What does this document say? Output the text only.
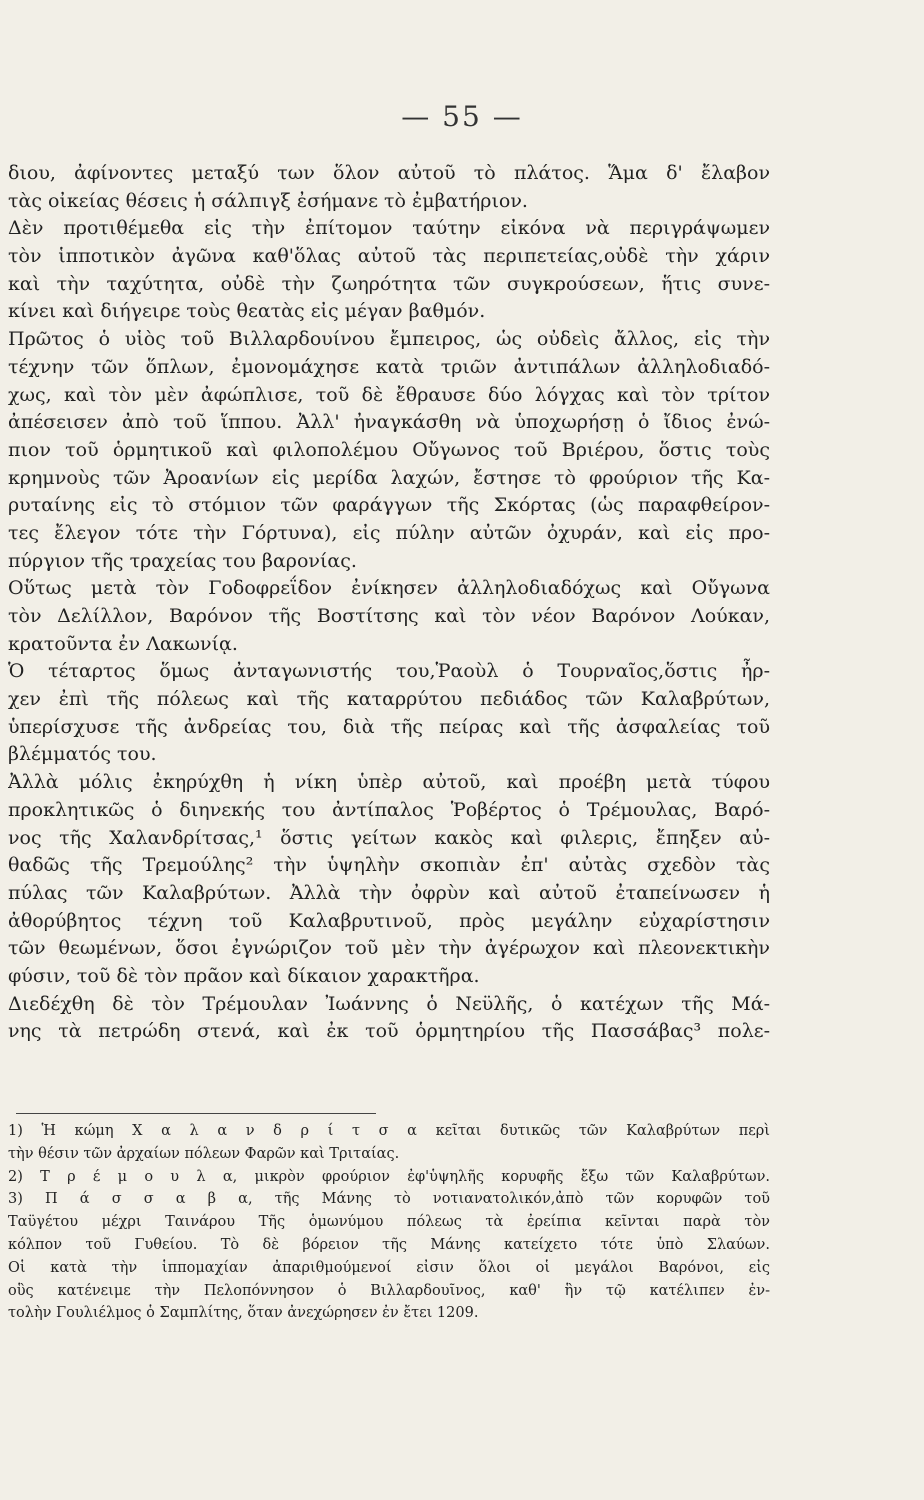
— 55 —
διου, ἀφίνοντες μεταξύ των ὅλον αὐτοῦ τὸ πλάτος. Ἅμα δ' ἔλαβον
τὰς οἰκείας θέσεις ἡ σάλπιγξ ἐσήμανε τὸ ἐμβατήριον.
Δὲν προτιθέμεθα εἰς τὴν ἐπίτομον ταύτην εἰκόνα νὰ περιγράψωμεν
τὸν ἱπποτικὸν ἀγῶνα καθ'ὅλας αὐτοῦ τὰς περιπετείας,οὐδὲ τὴν χάριν
καὶ τὴν ταχύτητα, οὐδὲ τὴν ζωηρότητα τῶν συγκρούσεων, ἥτις συνε-
κίνει καὶ διήγειρε τοὺς θεατὰς εἰς μέγαν βαθμόν.
Πρῶτος ὁ υἱὸς τοῦ Βιλλαρδουίνου ἔμπειρος, ὡς οὐδεὶς ἄλλος, εἰς τὴν
τέχνην τῶν ὅπλων, ἐμονομάχησε κατὰ τριῶν ἀντιπάλων ἀλληλοδιαδό-
χως, καὶ τὸν μὲν ἀφώπλισε, τοῦ δὲ ἔθραυσε δύο λόγχας καὶ τὸν τρίτον
ἀπέσεισεν ἀπὸ τοῦ ἵππου. Ἀλλ' ἠναγκάσθη νὰ ὑποχωρήσῃ ὁ ἴδιος ἐνώ-
πιον τοῦ ὁρμητικοῦ καὶ φιλοπολέμου Οὔγωνος τοῦ Βριέρου, ὅστις τοὺς
κρημνοὺς τῶν Ἀροανίων εἰς μερίδα λαχών, ἔστησε τὸ φρούριον τῆς Κα-
ρυταίνης εἰς τὸ στόμιον τῶν φαράγγων τῆς Σκόρτας (ὡς παραφθείρον-
τες ἔλεγον τότε τὴν Γόρτυνα), εἰς πύλην αὐτῶν ὀχυράν, καὶ εἰς προ-
πύργιον τῆς τραχείας του βαρονίας.
Οὕτως μετὰ τὸν Γοδοφρεΐδον ἐνίκησεν ἀλληλοδιαδόχως καὶ Οὔγωνα
τὸν Δελίλλον, Βαρόνον τῆς Βοστίτσης καὶ τὸν νέον Βαρόνον Λούκαν,
κρατοῦντα ἐν Λακωνίᾳ.
Ὁ τέταρτος ὅμως ἀνταγωνιστής του,Ῥαοὺλ ὁ Τουρναῖος,ὅστις ἦρ-
χεν ἐπὶ τῆς πόλεως καὶ τῆς καταρρύτου πεδιάδος τῶν Καλαβρύτων,
ὑπερίσχυσε τῆς ἀνδρείας του, διὰ τῆς πείρας καὶ τῆς ἀσφαλείας τοῦ
βλέμματός του.
Ἀλλὰ μόλις ἐκηρύχθη ἡ νίκη ὑπὲρ αὐτοῦ, καὶ προέβη μετὰ τύφου
προκλητικῶς ὁ διηνεκής του ἀντίπαλος Ῥοβέρτος ὁ Τρέμουλας, Βαρό-
νος τῆς Χαλανδρίτσας,¹ ὅστις γείτων κακὸς καὶ φιλερις, ἔπηξεν αὐ-
θαδῶς τῆς Τρεμούλης² τὴν ὑψηλὴν σκοπιὰν ἐπ' αὐτὰς σχεδὸν τὰς
πύλας τῶν Καλαβρύτων. Ἀλλὰ τὴν ὀφρὺν καὶ αὐτοῦ ἐταπείνωσεν ἡ
ἀθορύβητος τέχνη τοῦ Καλαβρυτινοῦ, πρὸς μεγάλην εὐχαρίστησιν
τῶν θεωμένων, ὅσοι ἐγνώριζον τοῦ μὲν τὴν ἀγέρωχον καὶ πλεονεκτικὴν
φύσιν, τοῦ δὲ τὸν πρᾶον καὶ δίκαιον χαρακτῆρα.
Διεδέχθη δὲ τὸν Τρέμουλαν Ἰωάννης ὁ Νεϋλῆς, ὁ κατέχων τῆς Μά-
νης τὰ πετρώδη στενά, καὶ ἐκ τοῦ ὁρμητηρίου τῆς Πασσάβας³ πολε-
1) Ἡ κώμη Χ α λ α ν δ ρ ί τ σ α κεῖται δυτικῶς τῶν Καλαβρύτων περὶ
τὴν θέσιν τῶν ἀρχαίων πόλεων Φαρῶν καὶ Τριταίας.
2) Τ ρ έ μ ο υ λ α, μικρὸν φρούριον ἐφ'ὑψηλῆς κορυφῆς ἔξω τῶν Καλαβρύτων.
3) Π ά σ σ α β α, τῆς Μάνης τὸ νοτιανατολικόν,ἀπὸ τῶν κορυφῶν τοῦ
Ταϋγέτου μέχρι Ταινάρου Τῆς ὁμωνύμου πόλεως τὰ ἐρείπια κεῖνται παρὰ τὸν
κόλπον τοῦ Γυθείου. Τὸ δὲ βόρειον τῆς Μάνης κατείχετο τότε ὑπὸ Σλαύων.
Οἱ κατὰ τὴν ἱππομαχίαν ἀπαριθμούμενοί εἰσιν ὅλοι οἱ μεγάλοι Βαρόνοι, εἰς
οὓς κατένειμε τὴν Πελοπόννησον ὁ Βιλλαρδουῖνος, καθ' ἣν τῷ κατέλιπεν ἐν-
τολὴν Γουλιέλμος ὁ Σαμπλίτης, ὅταν ἀνεχώρησεν ἐν ἔτει 1209.
